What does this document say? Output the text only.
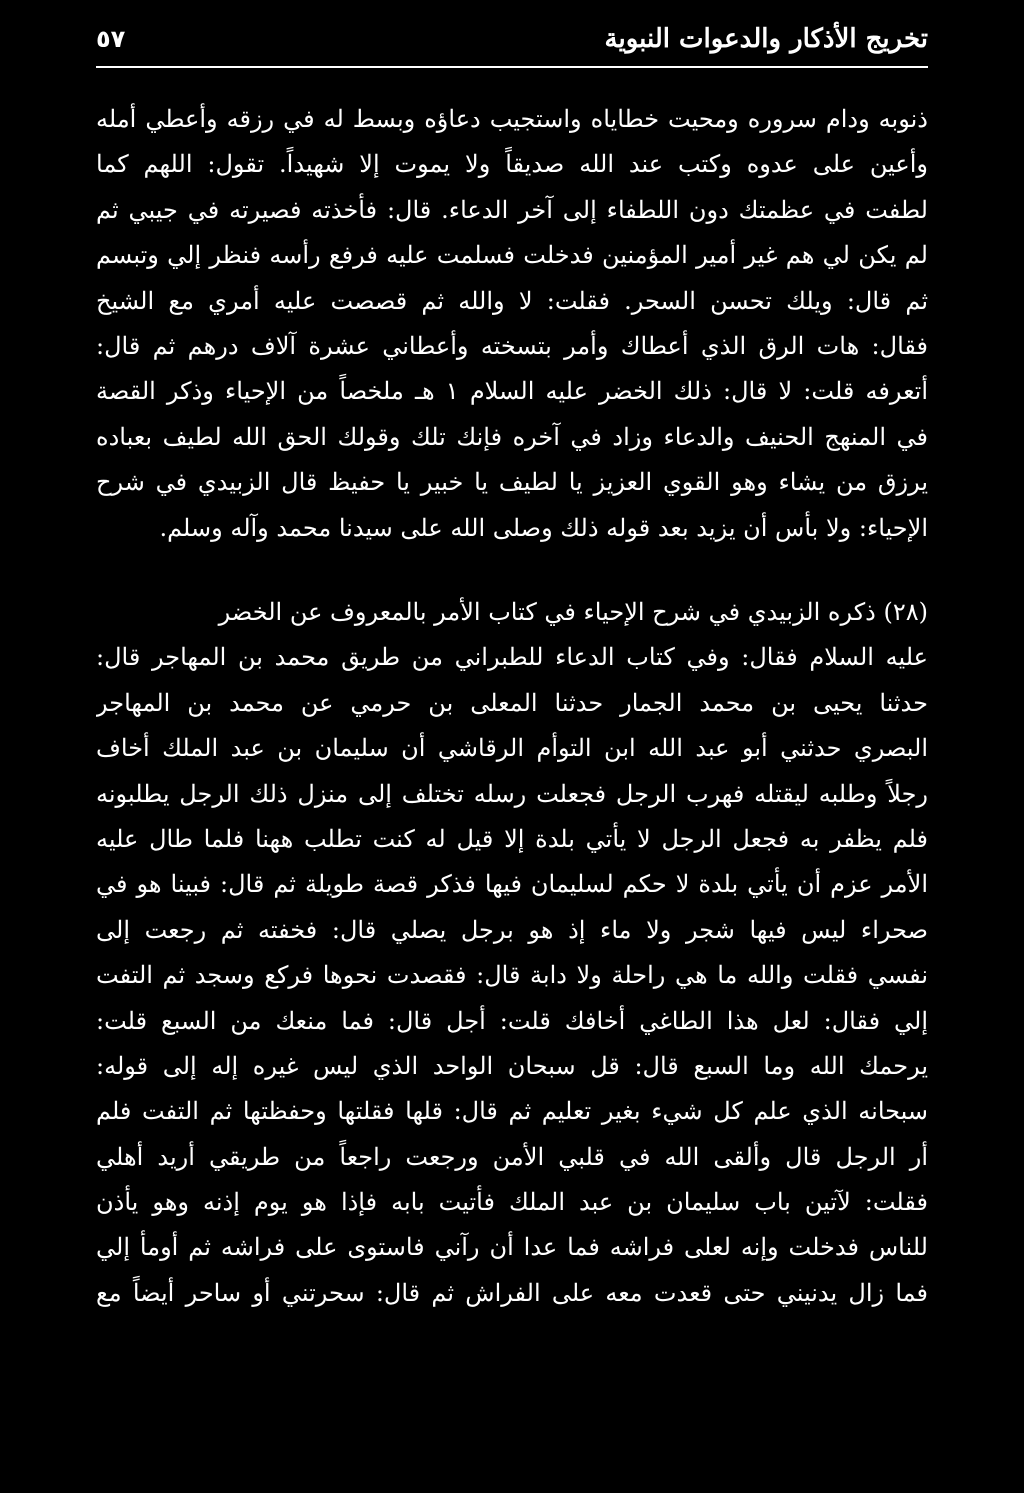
٥٧	تخريج الأذكار والدعوات النبوية
ذنوبه ودام سروره ومحيت خطاياه واستجيب دعاؤه وبسط له في رزقه وأعطي أمله
وأعين على عدوه وكتب عند الله صديقاً ولا يموت إلا شهيداً. تقول: اللهم كما
لطفت في عظمتك دون اللطفاء إلى آخر الدعاء. قال: فأخذته فصيرته في جيبي ثم
لم يكن لي هم غير أمير المؤمنين فدخلت فسلمت عليه فرفع رأسه فنظر إلي وتبسم
ثم قال: ويلك تحسن السحر. فقلت: لا والله ثم قصصت عليه أمري مع الشيخ
فقال: هات الرق الذي أعطاك وأمر بتسخته وأعطاني عشرة آلاف درهم ثم قال:
أتعرفه قلت: لا قال: ذلك الخضر عليه السلام ١ هـ ملخصاً من الإحياء وذكر القصة
في المنهج الحنيف والدعاء وزاد في آخره فإنك تلك وقولك الحق الله لطيف بعباده
يرزق من يشاء وهو القوي العزيز يا لطيف يا خبير يا حفيظ قال الزبيدي في شرح
الإحياء: ولا بأس أن يزيد بعد قوله ذلك وصلى الله على سيدنا محمد وآله وسلم.
(٢٨) ذكره الزبيدي في شرح الإحياء في كتاب الأمر بالمعروف عن الخضر
عليه السلام فقال: وفي كتاب الدعاء للطبراني من طريق محمد بن المهاجر قال:
حدثنا يحيى بن محمد الجمار حدثنا المعلى بن حرمي عن محمد بن المهاجر
البصري حدثني أبو عبد الله ابن التوأم الرقاشي أن سليمان بن عبد الملك أخاف
رجلاً وطلبه ليقتله فهرب الرجل فجعلت رسله تختلف إلى منزل ذلك الرجل يطلبونه
فلم يظفر به فجعل الرجل لا يأتي بلدة إلا قيل له كنت تطلب ههنا فلما طال عليه
الأمر عزم أن يأتي بلدة لا حكم لسليمان فيها فذكر قصة طويلة ثم قال: فبينا هو في
صحراء ليس فيها شجر ولا ماء إذ هو برجل يصلي قال: فخفته ثم رجعت إلى
نفسي فقلت والله ما هي راحلة ولا دابة قال: فقصدت نحوها فركع وسجد ثم التفت
إلي فقال: لعل هذا الطاغي أخافك قلت: أجل قال: فما منعك من السبع قلت:
يرحمك الله وما السبع قال: قل سبحان الواحد الذي ليس غيره إله إلى قوله:
سبحانه الذي علم كل شيء بغير تعليم ثم قال: قلها فقلتها وحفظتها ثم التفت فلم
أر الرجل قال وألقى الله في قلبي الأمن ورجعت راجعاً من طريقي أريد أهلي
فقلت: لآتين باب سليمان بن عبد الملك فأتيت بابه فإذا هو يوم إذنه وهو يأذن
للناس فدخلت وإنه لعلى فراشه فما عدا أن رآني فاستوى على فراشه ثم أومأ إلي
فما زال يدنيني حتى قعدت معه على الفراش ثم قال: سحرتني أو ساحر أيضاً مع
